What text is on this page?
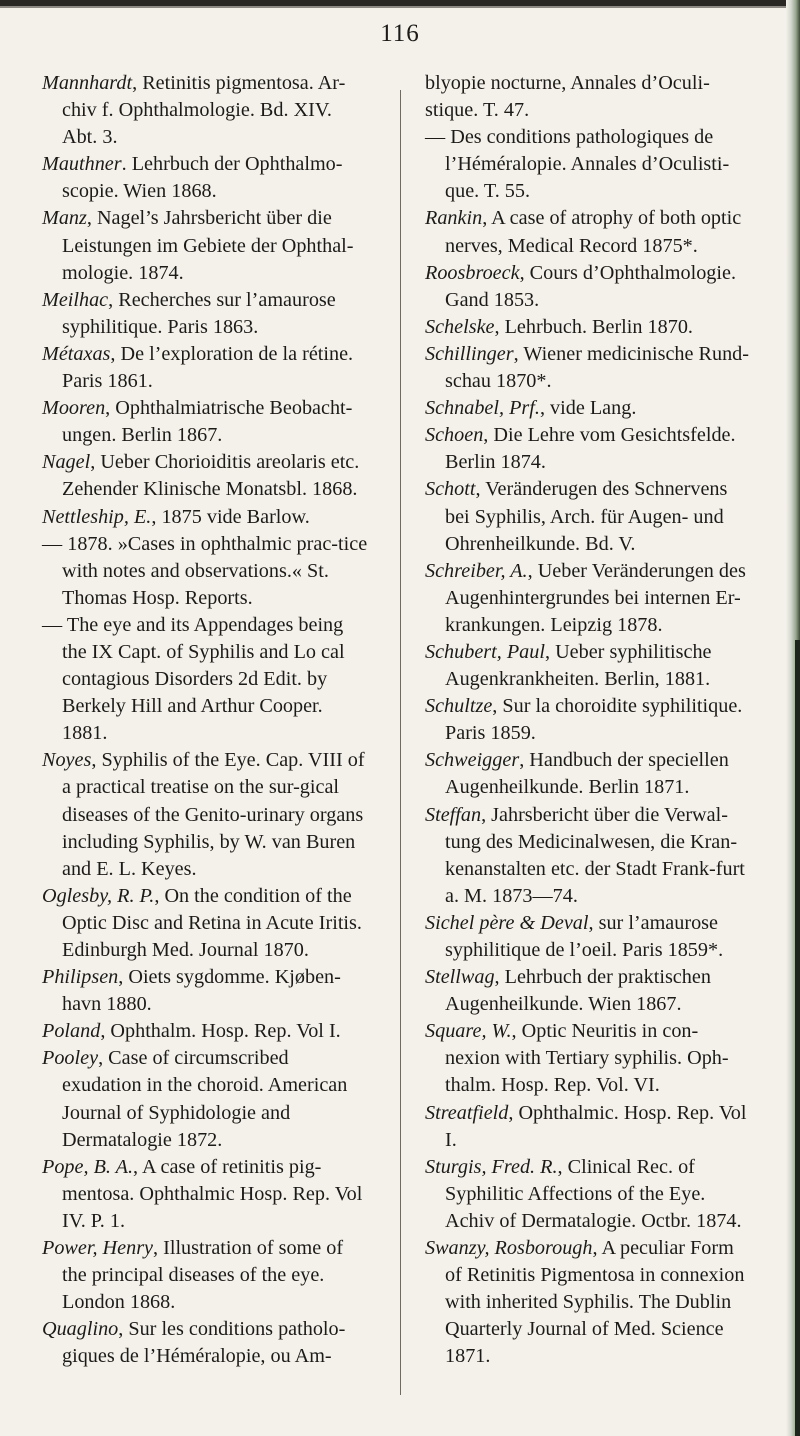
116

Mannhardt, Retinitis pigmentosa. Ar-chiv f. Ophthalmologie. Bd. XIV. Abt. 3.

Mauthner. Lehrbuch der Ophthalmo-scopie. Wien 1868.

Manz, Nagel’s Jahrsbericht über die Leistungen im Gebiete der Ophthal-mologie. 1874.

Meilhac, Recherches sur l’amaurose syphilitique. Paris 1863.

Métaxas, De l’exploration de la rétine. Paris 1861.

Mooren, Ophthalmiatrische Beobacht-ungen. Berlin 1867.

Nagel, Ueber Chorioiditis areolaris etc. Zehender Klinische Monatsbl. 1868.

Nettleship, E., 1875 vide Barlow.

— 1878. »Cases in ophthalmic prac-tice with notes and observations.« St. Thomas Hosp. Reports.

— The eye and its Appendages being the IX Capt. of Syphilis and Lo cal contagious Disorders 2d Edit. by Berkely Hill and Arthur Cooper. 1881.

Noyes, Syphilis of the Eye. Cap. VIII of a practical treatise on the sur-gical diseases of the Genito-urinary organs including Syphilis, by W. van Buren and E. L. Keyes.

Oglesby, R. P., On the condition of the Optic Disc and Retina in Acute Iritis. Edinburgh Med. Journal 1870.

Philipsen, Oiets sygdomme. Kjøben-havn 1880.

Poland, Ophthalm. Hosp. Rep. Vol I.

Pooley, Case of circumscribed exudation in the choroid. American Journal of Syphidologie and Dermatalogie 1872.

Pope, B. A., A case of retinitis pig-mentosa. Ophthalmic Hosp. Rep. Vol IV. P. 1.

Power, Henry, Illustration of some of the principal diseases of the eye. London 1868.

Quaglino, Sur les conditions patholo-giques de l’Héméralopie, ou Am-

blyopie nocturne, Annales d’Oculi-stique. T. 47.

— Des conditions pathologiques de l’Héméralopie. Annales d’Oculisti-que. T. 55.

Rankin, A case of atrophy of both optic nerves, Medical Record 1875*.

Roosbroeck, Cours d’Ophthalmologie. Gand 1853.

Schelske, Lehrbuch. Berlin 1870.

Schillinger, Wiener medicinische Rund-schau 1870*.

Schnabel, Prf., vide Lang.

Schoen, Die Lehre vom Gesichtsfelde. Berlin 1874.

Schott, Veränderugen des Schnervens bei Syphilis, Arch. für Augen- und Ohrenheilkunde. Bd. V.

Schreiber, A., Ueber Veränderungen des Augenhintergrundes bei internen Er-krankungen. Leipzig 1878.

Schubert, Paul, Ueber syphilitische Augenkrankheiten. Berlin, 1881.

Schultze, Sur la choroidite syphilitique. Paris 1859.

Schweigger, Handbuch der speciellen Augenheilkunde. Berlin 1871.

Steffan, Jahrsbericht über die Verwal-tung des Medicinalwesen, die Kran-kenanstalten etc. der Stadt Frank-furt a. M. 1873—74.

Sichel père & Deval, sur l’amaurose syphilitique de l’oeil. Paris 1859*.

Stellwag, Lehrbuch der praktischen Augenheilkunde. Wien 1867.

Square, W., Optic Neuritis in con-nexion with Tertiary syphilis. Oph-thalm. Hosp. Rep. Vol. VI.

Streatfield, Ophthalmic. Hosp. Rep. Vol I.

Sturgis, Fred. R., Clinical Rec. of Syphilitic Affections of the Eye. Achiv of Dermatalogie. Octbr. 1874.

Swanzy, Rosborough, A peculiar Form of Retinitis Pigmentosa in connexion with inherited Syphilis. The Dublin Quarterly Journal of Med. Science 1871.
